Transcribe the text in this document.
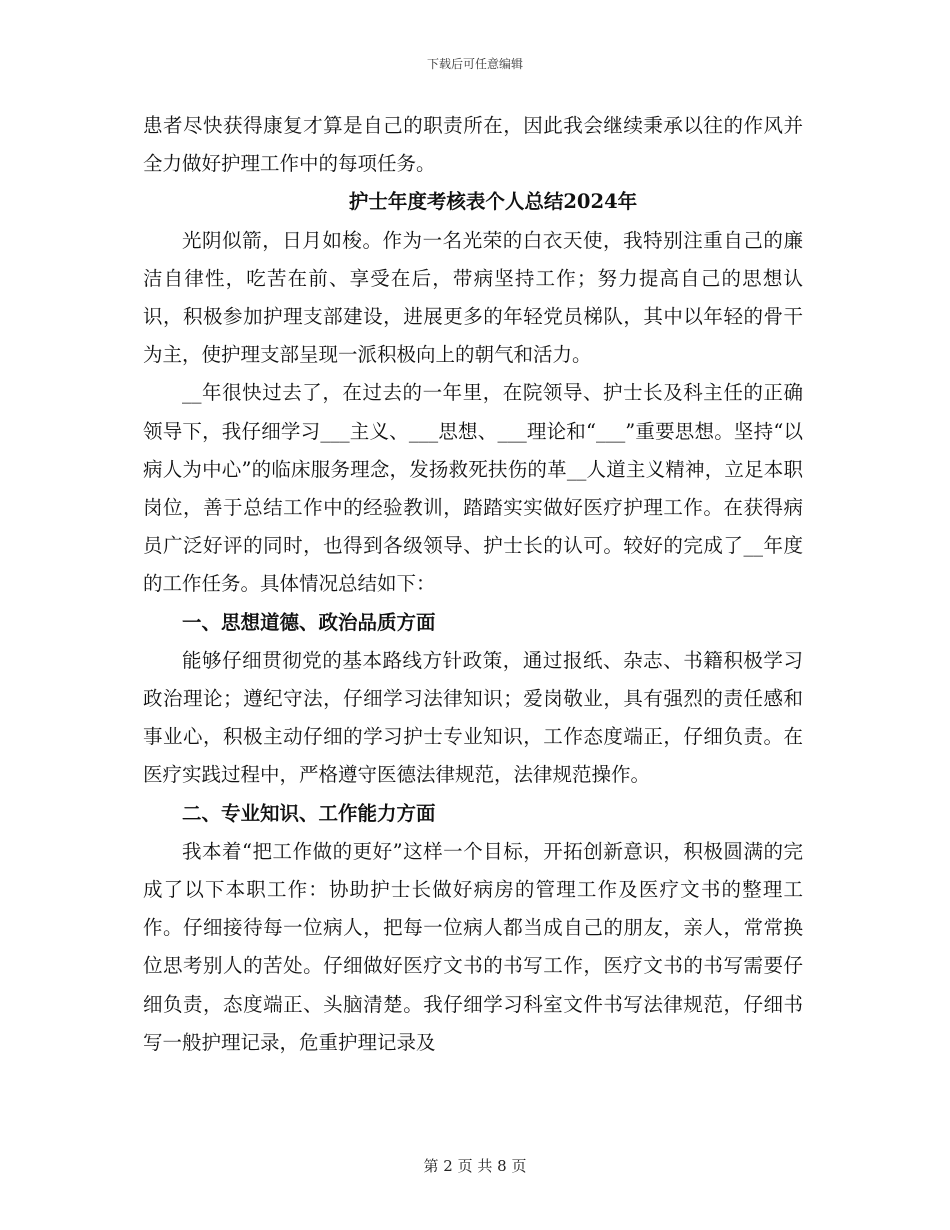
下载后可任意编辑

患者尽快获得康复才算是自己的职责所在，因此我会继续秉承以往的作风并全力做好护理工作中的每项任务。

护士年度考核表个人总结2024年

光阴似箭，日月如梭。作为一名光荣的白衣天使，我特别注重自己的廉洁自律性，吃苦在前、享受在后，带病坚持工作；努力提高自己的思想认识，积极参加护理支部建设，进展更多的年轻党员梯队，其中以年轻的骨干为主，使护理支部呈现一派积极向上的朝气和活力。

__年很快过去了，在过去的一年里，在院领导、护士长及科主任的正确领导下，我仔细学习___主义、___思想、___理论和“___”重要思想。坚持“以病人为中心”的临床服务理念，发扬救死扶伤的革__人道主义精神，立足本职岗位，善于总结工作中的经验教训，踏踏实实做好医疗护理工作。在获得病员广泛好评的同时，也得到各级领导、护士长的认可。较好的完成了__年度的工作任务。具体情况总结如下：

一、思想道德、政治品质方面

能够仔细贯彻党的基本路线方针政策，通过报纸、杂志、书籍积极学习政治理论；遵纪守法，仔细学习法律知识；爱岗敬业，具有强烈的责任感和事业心，积极主动仔细的学习护士专业知识，工作态度端正，仔细负责。在医疗实践过程中，严格遵守医德法律规范，法律规范操作。

二、专业知识、工作能力方面

我本着“把工作做的更好”这样一个目标，开拓创新意识，积极圆满的完成了以下本职工作：协助护士长做好病房的管理工作及医疗文书的整理工作。仔细接待每一位病人，把每一位病人都当成自己的朋友，亲人，常常换位思考别人的苦处。仔细做好医疗文书的书写工作，医疗文书的书写需要仔细负责，态度端正、头脑清楚。我仔细学习科室文件书写法律规范，仔细书写一般护理记录，危重护理记录及

第 2 页 共 8 页
